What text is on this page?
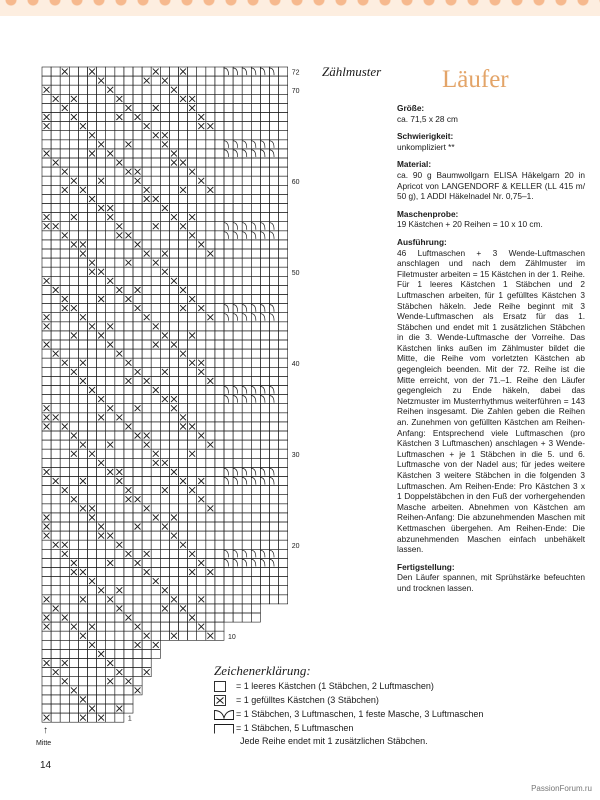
1
10
20
30
40
50
60
70
72 Zählmuster Läufer
Größe:
ca. 71,5 x 28 cm
Schwierigkeit:
unkompliziert **
Material:
ca. 90 g Baumwollgarn ELISA Häkelgarn 20 in Apricot von LANGENDORF & KELLER (LL 415 m/ 50 g), 1 ADDI Häkelnadel Nr. 0,75–1.
Maschenprobe:
19 Kästchen + 20 Reihen = 10 x 10 cm.
Ausführung:
46 Luftmaschen + 3 Wende-Luftmaschen anschlagen und nach dem Zählmuster im Filetmuster arbeiten = 15 Kästchen in der 1. Reihe. Für 1 leeres Kästchen 1 Stäbchen und 2 Luftmaschen arbeiten, für 1 gefülltes Kästchen 3 Stäbchen häkeln. Jede Reihe beginnt mit 3 Wende-Luftmaschen als Ersatz für das 1. Stäbchen und endet mit 1 zusätzlichen Stäbchen in die 3. Wende-Luftmasche der Vorreihe. Das Kästchen links außen im Zählmuster bildet die Mitte, die Reihe vom vorletzten Kästchen ab gegengleich beenden. Mit der 72. Reihe ist die Mitte erreicht, von der 71.–1. Reihe den Läufer gegengleich zu Ende häkeln, dabei das Netzmuster im Musterrhythmus weiterführen = 143 Reihen insgesamt. Die Zahlen geben die Reihen an. Zunehmen von gefüllten Kästchen am Reihen-Anfang: Entsprechend viele Luftmaschen (pro Kästchen 3 Luftmaschen) anschlagen + 3 Wende-Luftmaschen + je 1 Stäbchen in die 5. und 6. Luftmasche von der Nadel aus; für jedes weitere Kästchen 3 weitere Stäbchen in die folgenden 3 Luftmaschen. Am Reihen-Ende: Pro Kästchen 3 x 1 Doppelstäbchen in den Fuß der vorhergehenden Masche arbeiten. Abnehmen von Kästchen am Reihen-Anfang: Die abzunehmenden Maschen mit Kettmaschen übergehen. Am Reihen-Ende: Die abzunehmenden Maschen einfach unbehäkelt lassen.
Fertigstellung:
Den Läufer spannen, mit Sprühstärke befeuchten und trocknen lassen.
Zeichenerklärung:
= 1 leeres Kästchen (1 Stäbchen, 2 Luftmaschen)
= 1 gefülltes Kästchen (3 Stäbchen)
= 1 Stäbchen, 3 Luftmaschen, 1 feste Masche, 3 Luftmaschen
= 1 Stäbchen, 5 Luftmaschen
Jede Reihe endet mit 1 zusätzlichen Stäbchen.
↑
Mitte
14
PassionForum.ru
